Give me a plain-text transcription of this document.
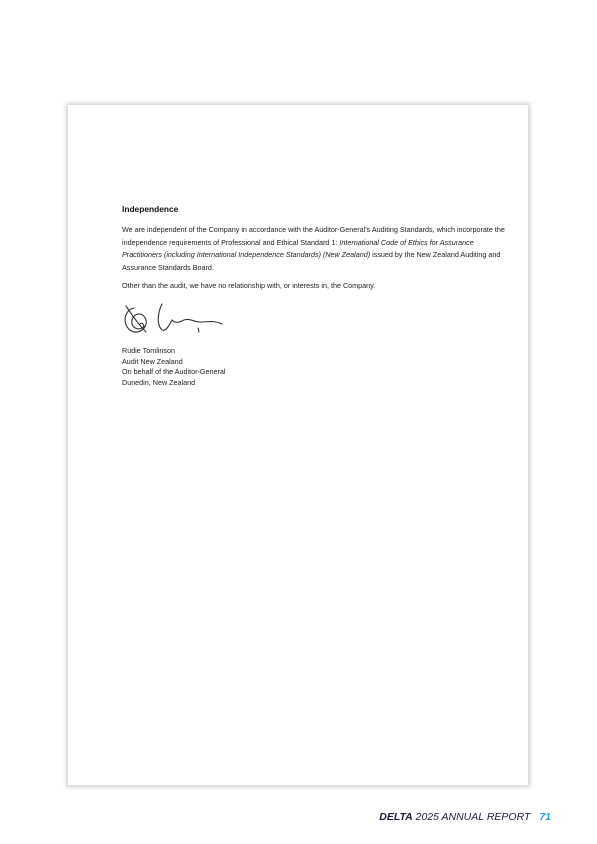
Independence

We are independent of the Company in accordance with the Auditor-General’s Auditing Standards, which incorporate the independence requirements of Professional and Ethical Standard 1: International Code of Ethics for Assurance Practitioners (including International Independence Standards) (New Zealand) issued by the New Zealand Auditing and Assurance Standards Board.

Other than the audit, we have no relationship with, or interests in, the Company.

Rudie Tomlinson
Audit New Zealand
On behalf of the Auditor-General
Dunedin, New Zealand
DELTA 2025 ANNUAL REPORT 71
